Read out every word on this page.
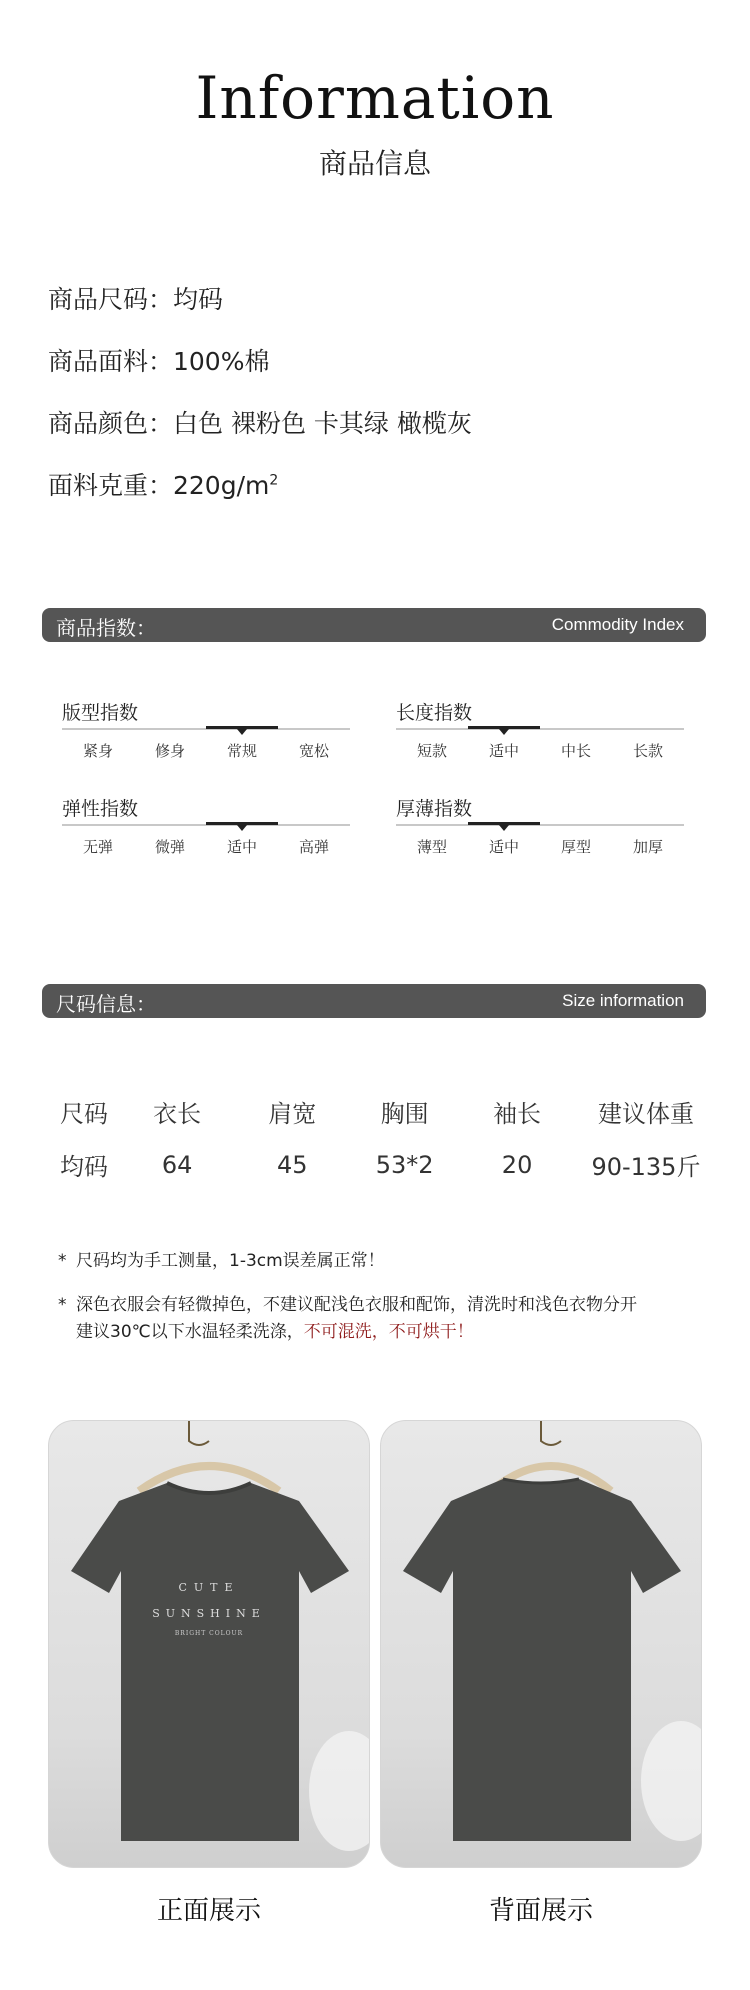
Information
商品信息
商品尺码：均码
商品面料：100%棉
商品颜色：白色 裸粉色 卡其绿 橄榄灰
面料克重：$220g/m^2$
商品指数：	Commodity Index
版型指数
紧身	修身	常规	宽松
长度指数
短款	适中	中长	长款
弹性指数
无弹	微弹	适中	高弹
厚薄指数
薄型	适中	厚型	加厚
尺码信息：	Size information
尺码	衣长	肩宽	胸围	袖长	建议体重
均码	64	45	53*2	20	90-135斤
* 尺码均为手工测量，1-3cm误差属正常！
* 深色衣服会有轻微掉色，不建议配浅色衣服和配饰，清洗时和浅色衣物分开
建议30℃以下水温轻柔洗涤，不可混洗，不可烘干！
CUTE
SUNSHINE
BRIGHT COLOUR
正面展示	背面展示
